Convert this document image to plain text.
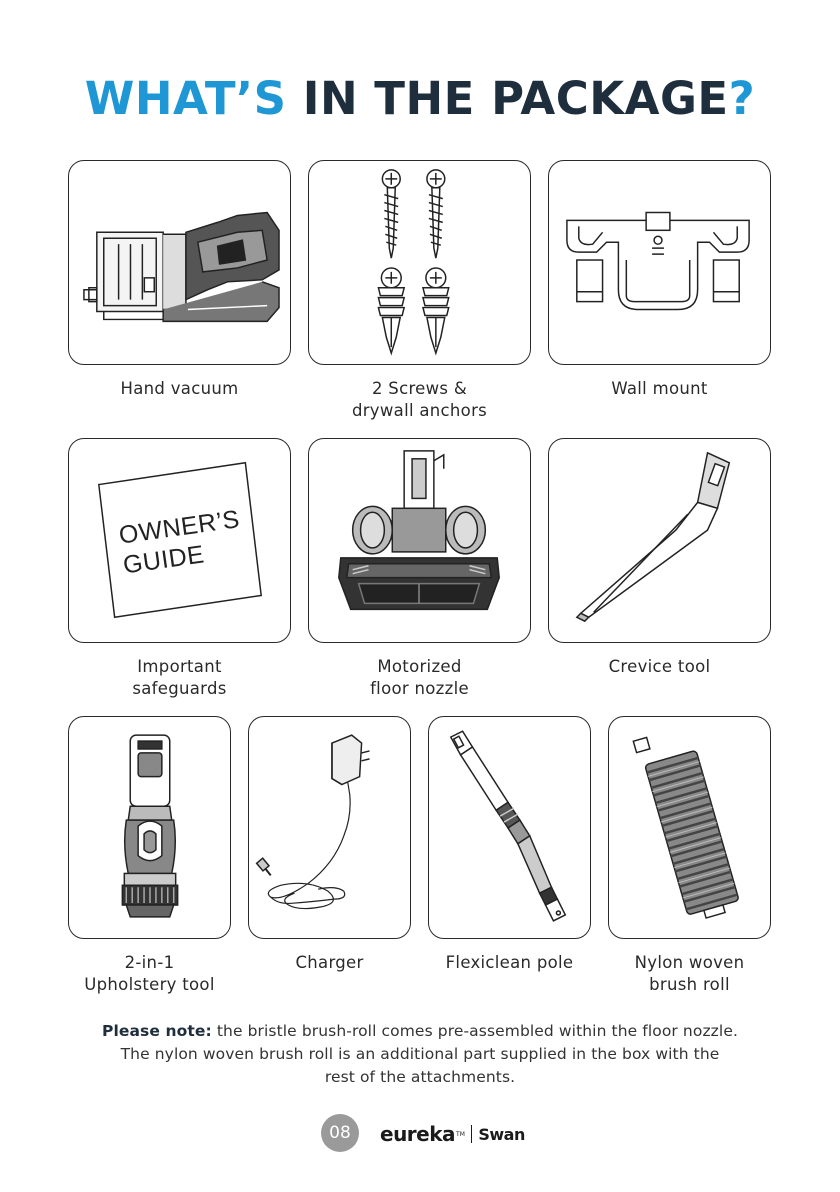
WHAT’S IN THE PACKAGE?
Hand vacuum	2 Screws &
drywall anchors
Wall mount
OWNER’S
GUIDE
Important
safeguards
Motorized
floor nozzle
Crevice tool
2-in-1
Upholstery tool
Charger	Flexiclean pole	Nylon woven
brush roll
Please note: the bristle brush-roll comes pre-assembled within the floor nozzle.
The nylon woven brush roll is an additional part supplied in the box with the
rest of the attachments.
08	eureka TM Swan
